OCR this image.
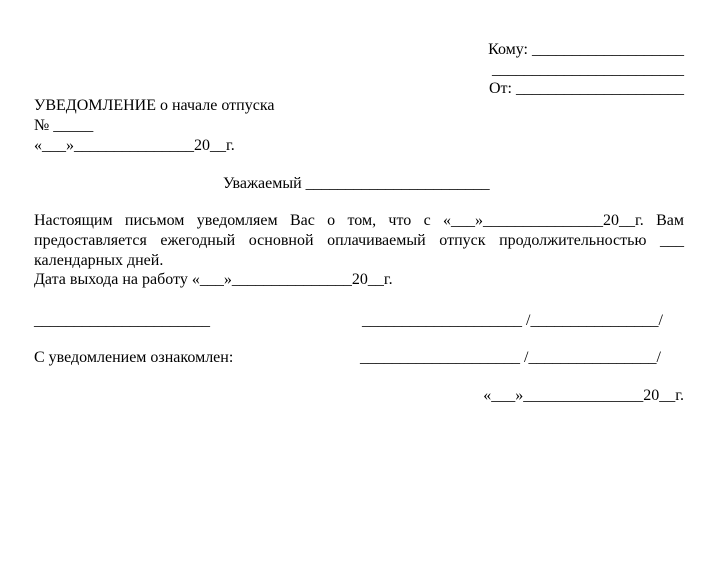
Кому: ___________________
________________________
От: _____________________
УВЕДОМЛЕНИЕ о начале отпуска
№ _____
«___»_______________20__г.
Уважаемый _______________________
Настоящим письмом уведомляем Вас о том, что с «___»_______________20__г. Вам
предоставляется ежегодный основной оплачиваемый отпуск продолжительностью ___
календарных дней.
Дата выхода на работу «___»_______________20__г.
______________________	____________________ /________________/
С уведомлением ознакомлен:	____________________ /________________/
«___»_______________20__г.
